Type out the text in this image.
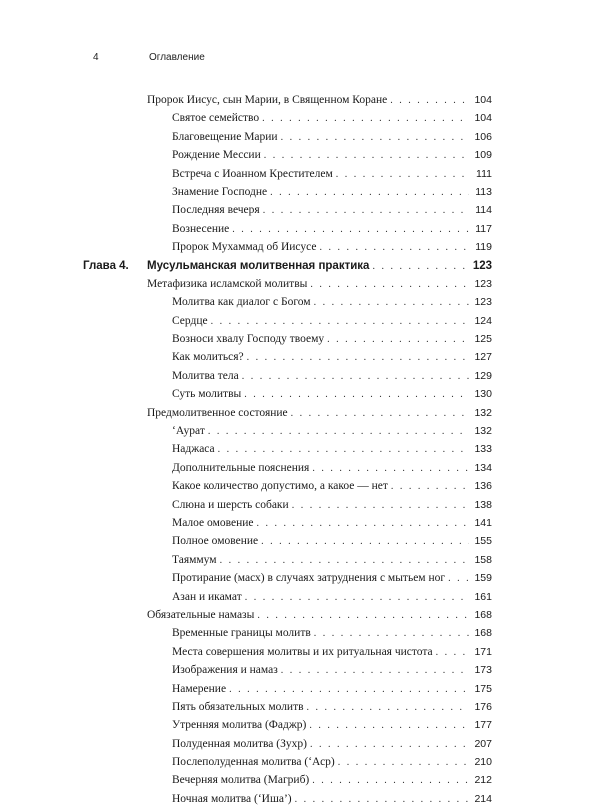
4	Оглавление
Пророк Иисус, сын Марии, в Священном Коране . . .	104
Святое семейство . . .	104
Благовещение Марии . . .	106
Рождение Мессии . . .	109
Встреча с Иоанном Крестителем . . .	111
Знамение Господне . . .	113
Последняя вечеря . . .	114
Вознесение . . .	117
Пророк Мухаммад об Иисусе . . .	119
Глава 4. Мусульманская молитвенная практика . . .	123
Метафизика исламской молитвы . . .	123
Молитва как диалог с Богом . . .	123
Сердце . . .	124
Возноси хвалу Господу твоему . . .	125
Как молиться? . . .	127
Молитва тела . . .	129
Суть молитвы . . .	130
Предмолитвенное состояние . . .	132
‘Аурат . . .	132
Наджаса . . .	133
Дополнительные пояснения . . .	134
Какое количество допустимо, а какое — нет . . .	136
Слюна и шерсть собаки . . .	138
Малое омовение . . .	141
Полное омовение . . .	155
Таяммум . . .	158
Протирание (масх) в случаях затруднения с мытьем ног . . .	159
Азан и икамат . . .	161
Обязательные намазы . . .	168
Временные границы молитв . . .	168
Места совершения молитвы и их ритуальная чистота . . .	171
Изображения и намаз . . .	173
Намерение . . .	175
Пять обязательных молитв . . .	176
Утренняя молитва (Фаджр) . . .	177
Полуденная молитва (Зухр) . . .	207
Послеполуденная молитва (‘Аср) . . .	210
Вечерняя молитва (Магриб) . . .	212
Ночная молитва (‘Иша’) . . .	214
